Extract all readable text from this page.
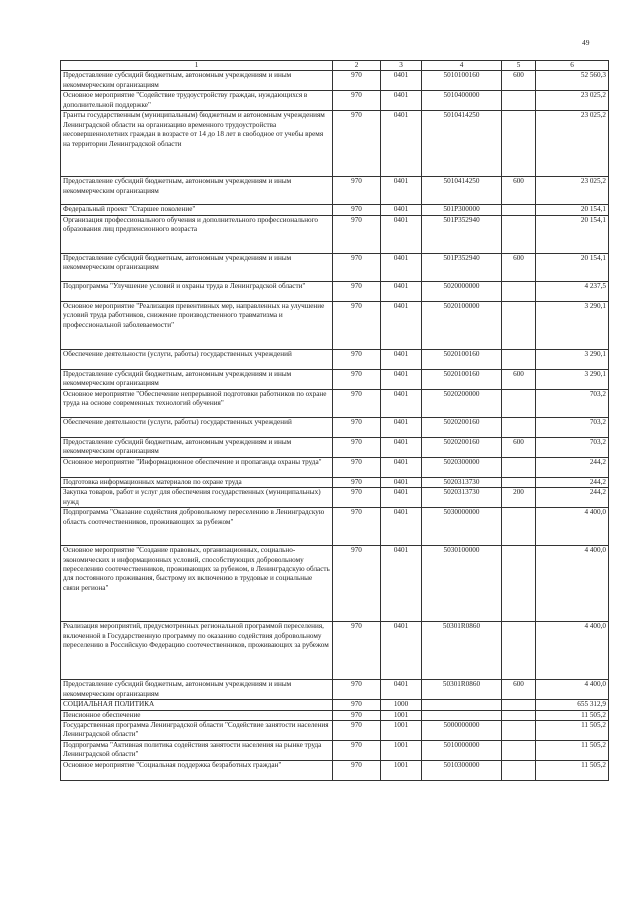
49
1	2	3	4	5	6
Предоставление субсидий бюджетным, автономным учреждениям и иным некоммерческим организациям	970	0401	5010100160	600	52 560,3
Основное мероприятие "Содействие трудоустройству граждан, нуждающихся в дополнительной поддержке"	970	0401	5010400000		23 025,2
Гранты государственным (муниципальным) бюджетным и автономным учреждениям Ленинградской области на организацию временного трудоустройства несовершеннолетних граждан в возрасте от 14 до 18 лет в свободное от учебы время на территории Ленинградской области	970	0401	5010414250		23 025,2
Предоставление субсидий бюджетным, автономным учреждениям и иным некоммерческим организациям	970	0401	5010414250	600	23 025,2
Федеральный проект "Старшее поколение"	970	0401	501P300000		20 154,1
Организация профессионального обучения и дополнительного профессионального образования лиц предпенсионного возраста	970	0401	501P352940		20 154,1
Предоставление субсидий бюджетным, автономным учреждениям и иным некоммерческим организациям	970	0401	501P352940	600	20 154,1
Подпрограмма "Улучшение условий и охраны труда в Ленинградской области"	970	0401	5020000000		4 237,5
Основное мероприятие "Реализация превентивных мер, направленных на улучшение условий труда работников, снижение производственного травматизма и профессиональной заболеваемости"	970	0401	5020100000		3 290,1
Обеспечение деятельности (услуги, работы) государственных учреждений	970	0401	5020100160		3 290,1
Предоставление субсидий бюджетным, автономным учреждениям и иным некоммерческим организациям	970	0401	5020100160	600	3 290,1
Основное мероприятие "Обеспечение непрерывной подготовки работников по охране труда на основе современных технологий обучения"	970	0401	5020200000		703,2
Обеспечение деятельности (услуги, работы) государственных учреждений	970	0401	5020200160		703,2
Предоставление субсидий бюджетным, автономным учреждениям и иным некоммерческим организациям	970	0401	5020200160	600	703,2
Основное мероприятие "Информационное обеспечение и пропаганда охраны труда"	970	0401	5020300000		244,2
Подготовка информационных материалов по охране труда	970	0401	5020313730		244,2
Закупка товаров, работ и услуг для обеспечения государственных (муниципальных) нужд	970	0401	5020313730	200	244,2
Подпрограмма "Оказание содействия добровольному переселению в Ленинградскую область соотечественников, проживающих за рубежом"	970	0401	5030000000		4 400,0
Основное мероприятие "Создание правовых, организационных, социально-экономических и информационных условий, способствующих добровольному переселению соотечественников, проживающих за рубежом, в Ленинградскую область для постоянного проживания, быстрому их включению в трудовые и социальные связи региона"	970	0401	5030100000		4 400,0
Реализация мероприятий, предусмотренных региональной программой переселения, включенной в Государственную программу по оказанию содействия добровольному переселению в Российскую Федерацию соотечественников, проживающих за рубежом	970	0401	50301R0860		4 400,0
Предоставление субсидий бюджетным, автономным учреждениям и иным некоммерческим организациям	970	0401	50301R0860	600	4 400,0
СОЦИАЛЬНАЯ ПОЛИТИКА	970	1000			655 312,9
Пенсионное обеспечение	970	1001			11 505,2
Государственная программа Ленинградской области "Содействие занятости населения Ленинградской области"	970	1001	5000000000		11 505,2
Подпрограмма "Активная политика содействия занятости населения на рынке труда Ленинградской области"	970	1001	5010000000		11 505,2
Основное мероприятие "Социальная поддержка безработных граждан"	970	1001	5010300000		11 505,2
